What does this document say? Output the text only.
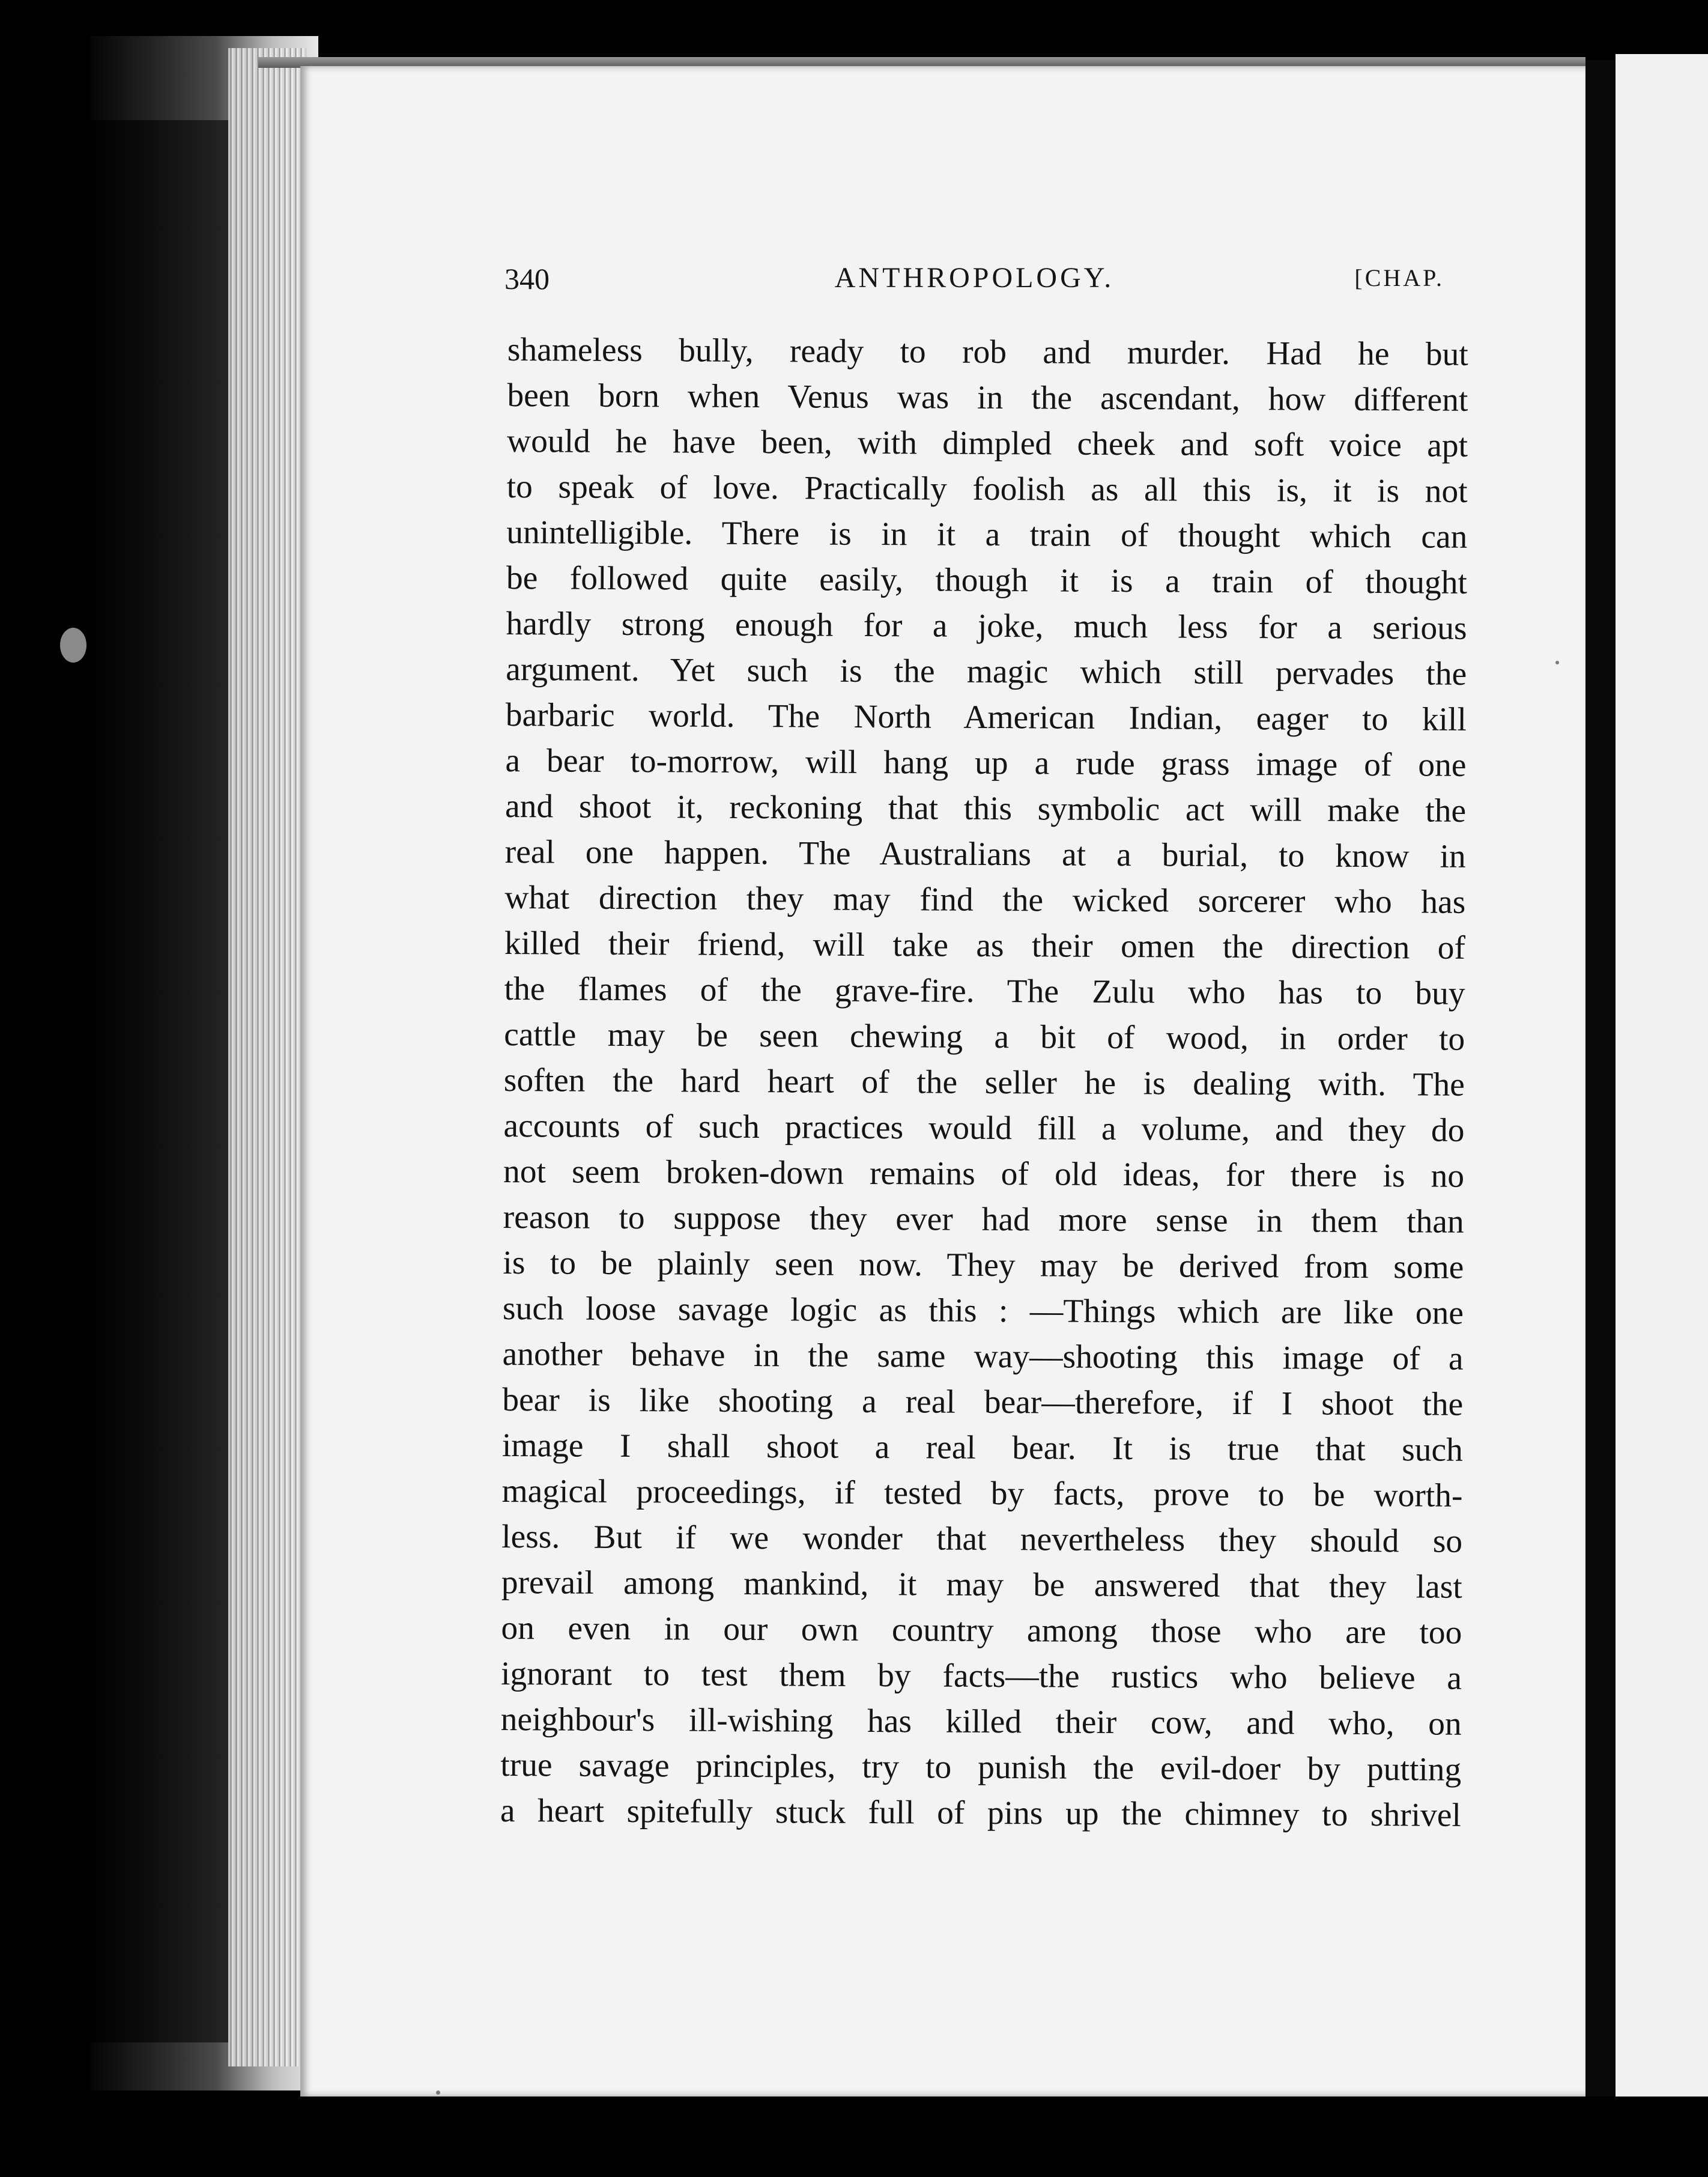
340	ANTHROPOLOGY.	[CHAP.
shameless bully, ready to rob and murder. Had he but
been born when Venus was in the ascendant, how different
would he have been, with dimpled cheek and soft voice apt
to speak of love. Practically foolish as all this is, it is not
unintelligible. There is in it a train of thought which can
be followed quite easily, though it is a train of thought
hardly strong enough for a joke, much less for a serious
argument. Yet such is the magic which still pervades the
barbaric world. The North American Indian, eager to kill
a bear to-morrow, will hang up a rude grass image of one
and shoot it, reckoning that this symbolic act will make the
real one happen. The Australians at a burial, to know in
what direction they may find the wicked sorcerer who has
killed their friend, will take as their omen the direction of
the flames of the grave-fire. The Zulu who has to buy
cattle may be seen chewing a bit of wood, in order to
soften the hard heart of the seller he is dealing with. The
accounts of such practices would fill a volume, and they do
not seem broken-down remains of old ideas, for there is no
reason to suppose they ever had more sense in them than
is to be plainly seen now. They may be derived from some
such loose savage logic as this : —Things which are like one
another behave in the same way—shooting this image of a
bear is like shooting a real bear—therefore, if I shoot the
image I shall shoot a real bear. It is true that such
magical proceedings, if tested by facts, prove to be worth-
less. But if we wonder that nevertheless they should so
prevail among mankind, it may be answered that they last
on even in our own country among those who are too
ignorant to test them by facts—the rustics who believe a
neighbour's ill-wishing has killed their cow, and who, on
true savage principles, try to punish the evil-doer by putting
a heart spitefully stuck full of pins up the chimney to shrivel
